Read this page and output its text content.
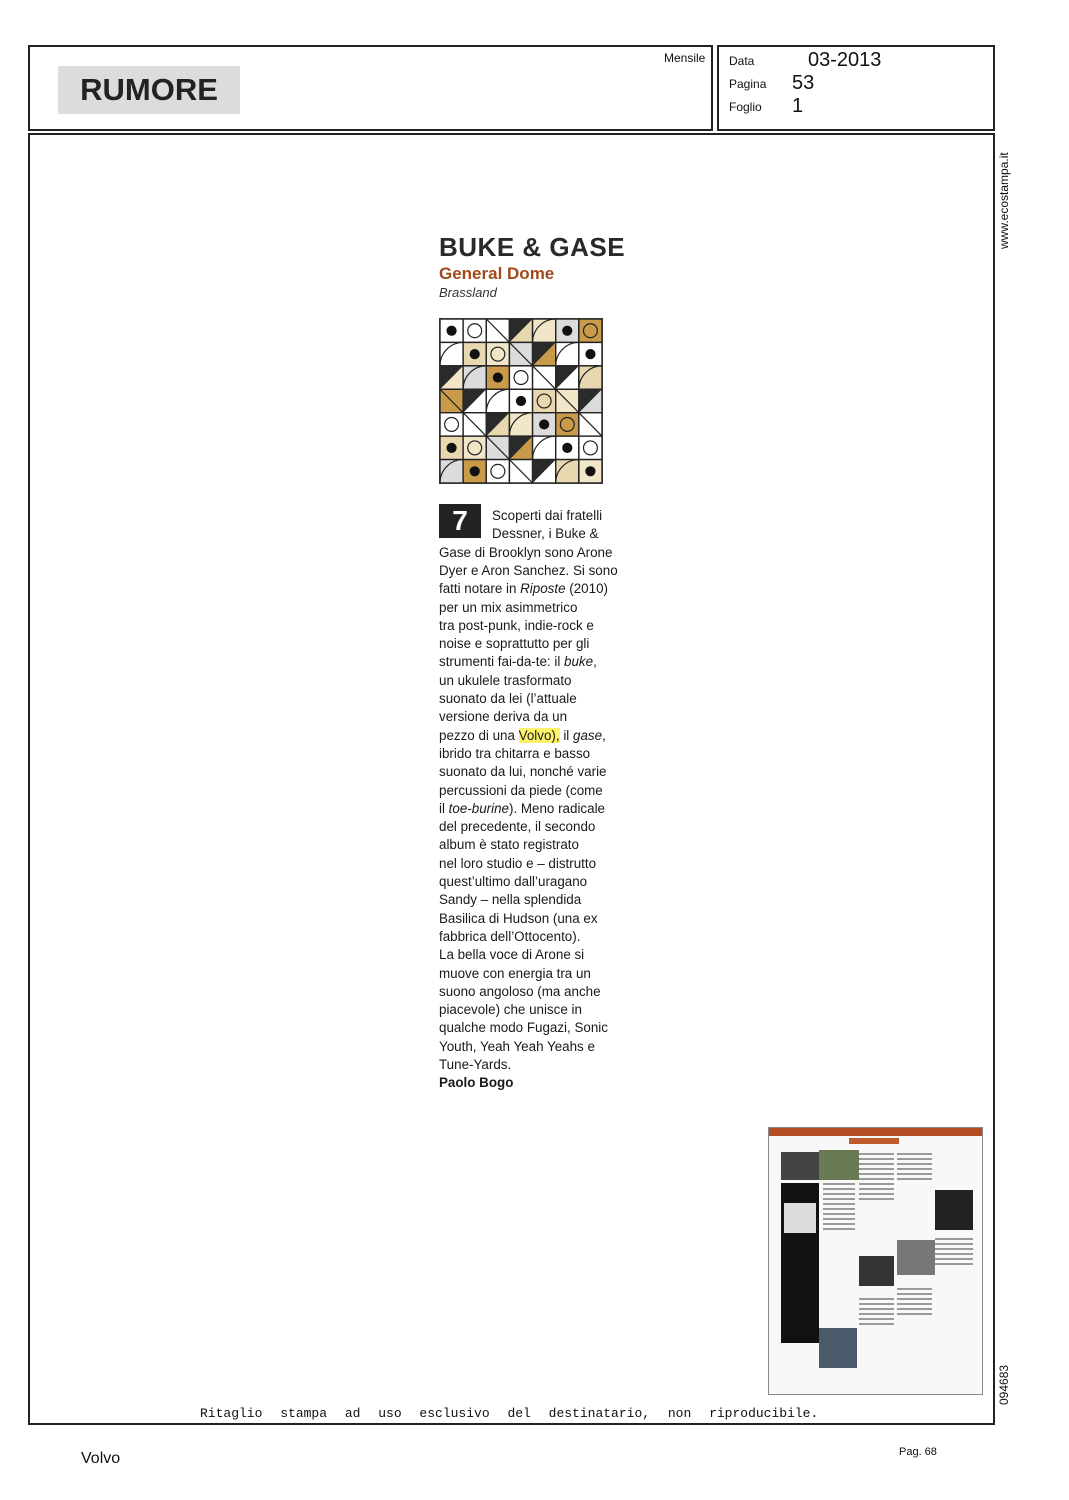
RUMORE
Mensile Data	03-2013
Pagina 53
Foglio 1
www.ecostampa.it
094683
BUKE & GASE
General Dome
Brassland
7	Scoperti dai fratelli
Dessner, i Buke &
Gase di Brooklyn sono Arone
Dyer e Aron Sanchez. Si sono
fatti notare in Riposte (2010)
per un mix asimmetrico
tra post-punk, indie-rock e
noise e soprattutto per gli
strumenti fai-da-te: il buke,
un ukulele trasformato
suonato da lei (l’attuale
versione deriva da un
pezzo di una Volvo), il gase,
ibrido tra chitarra e basso
suonato da lui, nonché varie
percussioni da piede (come
il toe-burine). Meno radicale
del precedente, il secondo
album è stato registrato
nel loro studio e – distrutto
quest’ultimo dall’uragano
Sandy – nella splendida
Basilica di Hudson (una ex
fabbrica dell’Ottocento).
La bella voce di Arone si
muove con energia tra un
suono angoloso (ma anche
piacevole) che unisce in
qualche modo Fugazi, Sonic
Youth, Yeah Yeah Yeahs e
Tune-Yards.
Paolo Bogo
Ritaglio stampa ad uso esclusivo del destinatario, non riproducibile.
Volvo	Pag. 68
